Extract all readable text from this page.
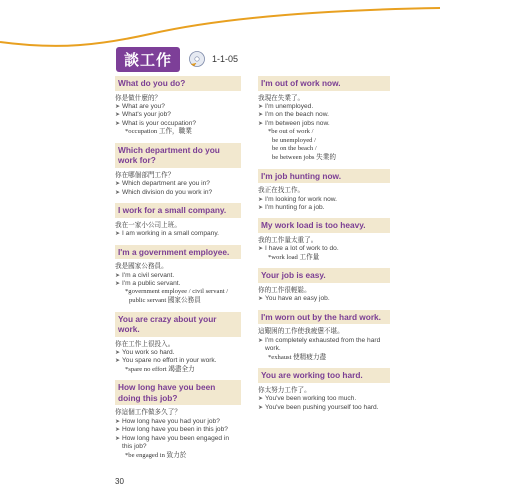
談工作	1-1-05
What do you do?
你是做什麼的？
➤ What are you?
➤ What's your job?
➤ What is your occupation?
*occupation 工作，職業
Which department do you work for?
你在哪個部門工作？
➤ Which department are you in?
➤ Which division do you work in?
I work for a small company.
我在一家小公司上班。
➤ I am working in a small company.
I'm a government employee.
我是國家公務員。
➤ I'm a civil servant.
➤ I'm a public servant.
*government employee / civil servant /
public servant 國家公務員
You are crazy about your work.
你在工作上很投入。
➤ You work so hard.
➤ You spare no effort in your work.
*spare no effort 竭盡全力
How long have you been doing this job?
你這個工作做多久了？
➤ How long have you had your job?
➤ How long have you been in this job?
➤ How long have you been engaged in this job?
*be engaged in 致力於
I'm out of work now.
我現在失業了。
➤ I'm unemployed.
➤ I'm on the beach now.
➤ I'm between jobs now.
*be out of work /
be unemployed /
be on the beach /
be between jobs 失業的
I'm job hunting now.
我正在找工作。
➤ I'm looking for work now.
➤ I'm hunting for a job.
My work load is too heavy.
我的工作量太重了。
➤ I have a lot of work to do.
*work load 工作量
Your job is easy.
你的工作很輕鬆。
➤ You have an easy job.
I'm worn out by the hard work.
這艱困的工作使我疲憊不堪。
➤ I'm completely exhausted from the hard work.
*exhaust 使精疲力盡
You are working too hard.
你太努力工作了。
➤ You've been working too much.
➤ You've been pushing yourself too hard.
30
